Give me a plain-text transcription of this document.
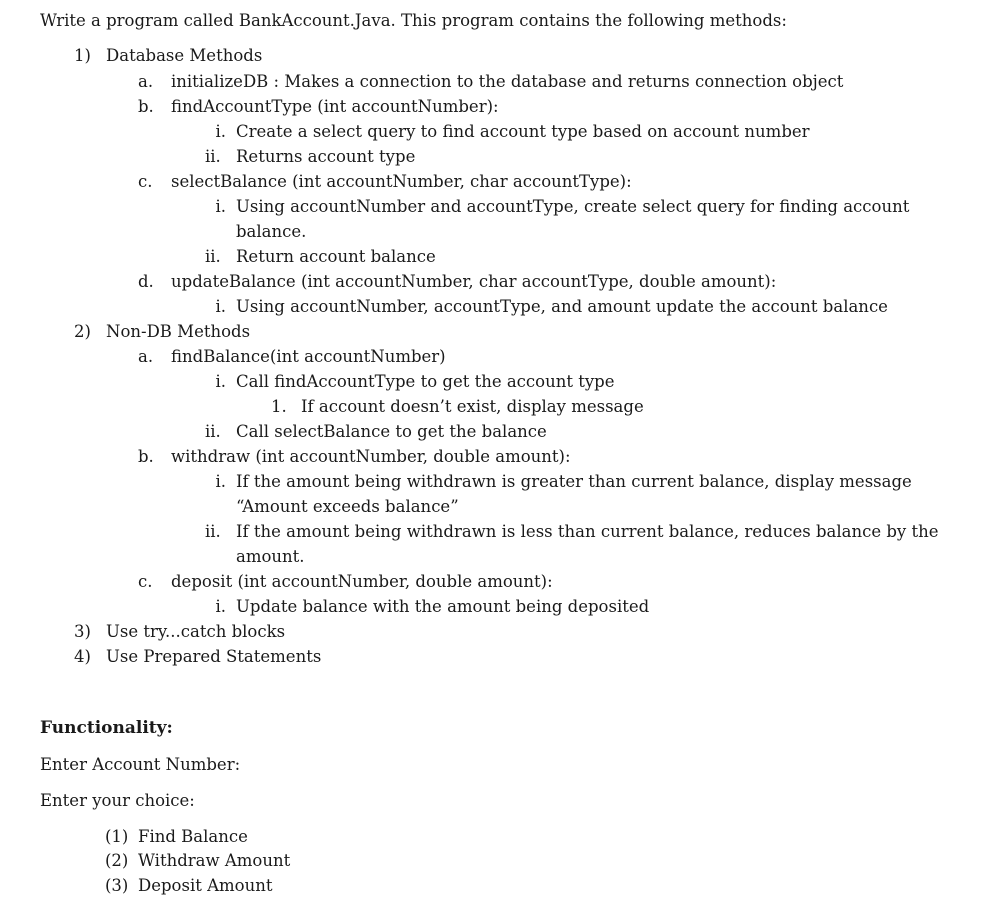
Write a program called BankAccount.Java. This program contains the following methods:
1) Database Methods
a. initializeDB : Makes a connection to the database and returns connection object
b. findAccountType (int accountNumber):
i. Create a select query to find account type based on account number
ii. Returns account type
c. selectBalance (int accountNumber, char accountType):
i. Using accountNumber and accountType, create select query for finding account
balance.
ii. Return account balance
d. updateBalance (int accountNumber, char accountType, double amount):
i. Using accountNumber, accountType, and amount update the account balance
2) Non-DB Methods
a. findBalance(int accountNumber)
i. Call findAccountType to get the account type
1. If account doesn’t exist, display message
ii. Call selectBalance to get the balance
b. withdraw (int accountNumber, double amount):
i. If the amount being withdrawn is greater than current balance, display message
“Amount exceeds balance”
ii. If the amount being withdrawn is less than current balance, reduces balance by the
amount.
c. deposit (int accountNumber, double amount):
i. Update balance with the amount being deposited
3) Use try...catch blocks
4) Use Prepared Statements
Functionality:
Enter Account Number:
Enter your choice:
(1) Find Balance
(2) Withdraw Amount
(3) Deposit Amount
